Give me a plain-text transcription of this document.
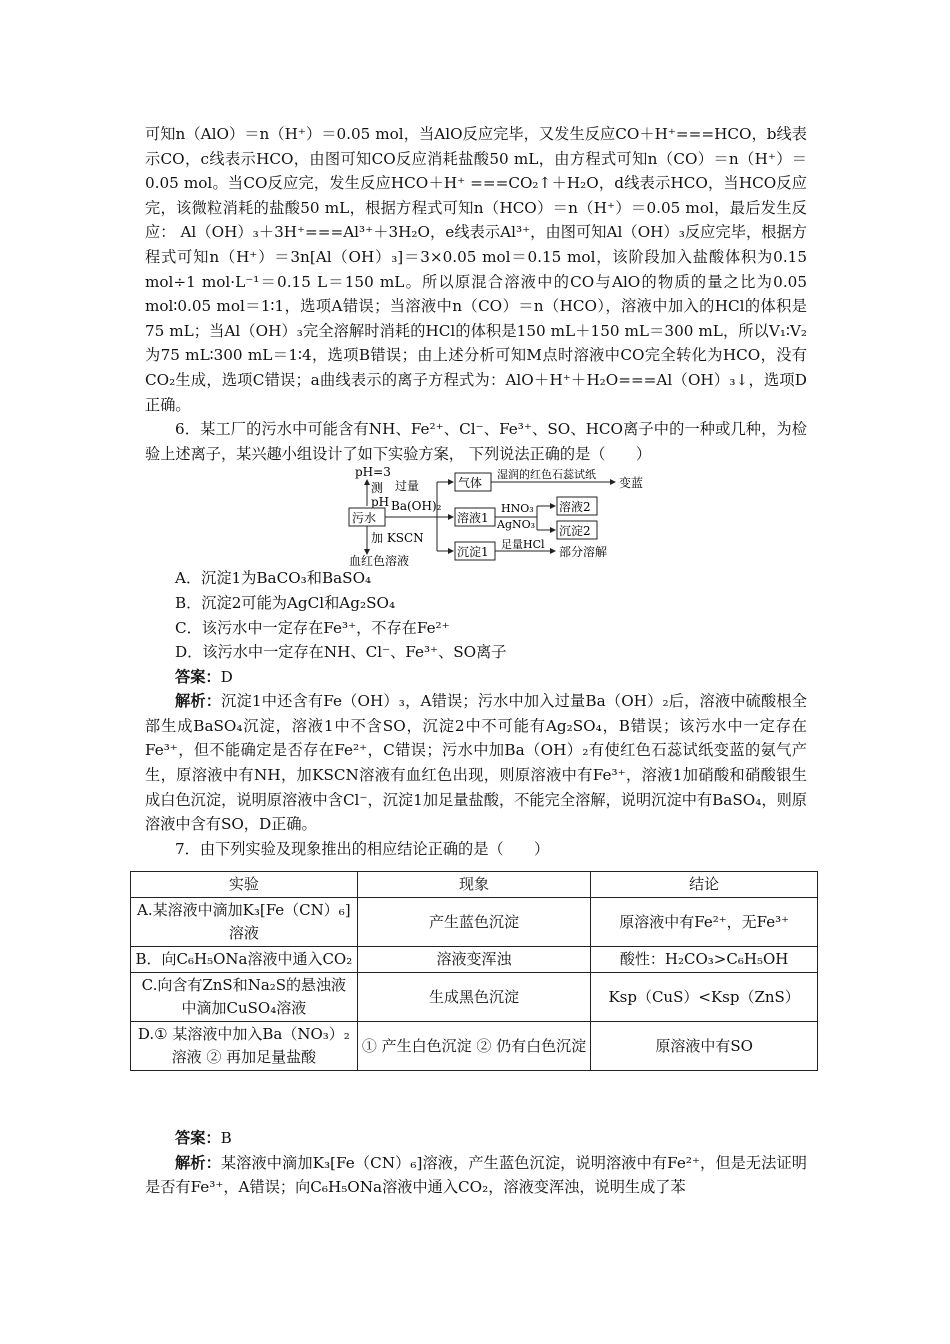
可知n（AlO）＝n（H⁺）＝0.05 mol，当AlO反应完毕，又发生反应CO＋H⁺===HCO，b线表示CO，c线表示HCO，由图可知CO反应消耗盐酸50 mL，由方程式可知n（CO）＝n（H⁺）＝0.05 mol。当CO反应完，发生反应HCO＋H⁺ ===CO₂↑＋H₂O，d线表示HCO，当HCO反应完，该微粒消耗的盐酸50 mL，根据方程式可知n（HCO）＝n（H⁺）＝0.05 mol，最后发生反应： Al（OH）₃＋3H⁺===Al³⁺＋3H₂O，e线表示Al³⁺，由图可知Al（OH）₃反应完毕，根据方程式可知n（H⁺）＝3n[Al（OH）₃]＝3×0.05 mol＝0.15 mol，该阶段加入盐酸体积为0.15 mol÷1 mol·L⁻¹＝0.15 L＝150 mL。所以原混合溶液中的CO与AlO的物质的量之比为0.05 mol∶0.05 mol＝1∶1，选项A错误；当溶液中n（CO）＝n（HCO），溶液中加入的HCl的体积是75 mL；当Al（OH）₃完全溶解时消耗的HCl的体积是150 mL＋150 mL＝300 mL，所以V₁∶V₂为75 mL∶300 mL＝1∶4，选项B错误；由上述分析可知M点时溶液中CO完全转化为HCO，没有CO₂生成，选项C错误；a曲线表示的离子方程式为：AlO＋H⁺＋H₂O===Al（OH）₃↓，选项D正确。

6．某工厂的污水中可能含有NH、Fe²⁺、Cl⁻、Fe³⁺、SO、HCO离子中的一种或几种，为检验上述离子，某兴趣小组设计了如下实验方案， 下列说法正确的是（　　）

pH=3
测
pH
污水
过量
Ba(OH)₂
气体
湿润的红色石蕊试纸
变蓝
溶液1
HNO₃
AgNO₃
溶液2
沉淀2
加 KSCN
血红色溶液
沉淀1
足量HCl
部分溶解

A．沉淀1为BaCO₃和BaSO₄

B．沉淀2可能为AgCl和Ag₂SO₄

C．该污水中一定存在Fe³⁺，不存在Fe²⁺

D．该污水中一定存在NH、Cl⁻、Fe³⁺、SO离子

答案：D

解析：沉淀1中还含有Fe（OH）₃，A错误；污水中加入过量Ba（OH）₂后，溶液中硫酸根全部生成BaSO₄沉淀，溶液1中不含SO，沉淀2中不可能有Ag₂SO₄，B错误；该污水中一定存在Fe³⁺，但不能确定是否存在Fe²⁺，C错误；污水中加Ba（OH）₂有使红色石蕊试纸变蓝的氨气产生，原溶液中有NH，加KSCN溶液有血红色出现，则原溶液中有Fe³⁺，溶液1加硝酸和硝酸银生成白色沉淀，说明原溶液中含Cl⁻，沉淀1加足量盐酸，不能完全溶解，说明沉淀中有BaSO₄，则原溶液中含有SO，D正确。

7．由下列实验及现象推出的相应结论正确的是（　　）

实验	现象	结论
A.某溶液中滴加K₃[Fe（CN）₆]溶液	产生蓝色沉淀	原溶液中有Fe²⁺，无Fe³⁺
B．向C₆H₅ONa溶液中通入CO₂	溶液变浑浊	酸性：H₂CO₃>C₆H₅OH
C.向含有ZnS和Na₂S的悬浊液中滴加CuSO₄溶液	生成黑色沉淀	Ksp（CuS）<Ksp（ZnS）
D.① 某溶液中加入Ba（NO₃）₂溶液 ② 再加足量盐酸	① 产生白色沉淀 ② 仍有白色沉淀	原溶液中有SO

答案：B

解析：某溶液中滴加K₃[Fe（CN）₆]溶液，产生蓝色沉淀，说明溶液中有Fe²⁺，但是无法证明是否有Fe³⁺，A错误；向C₆H₅ONa溶液中通入CO₂，溶液变浑浊，说明生成了苯
